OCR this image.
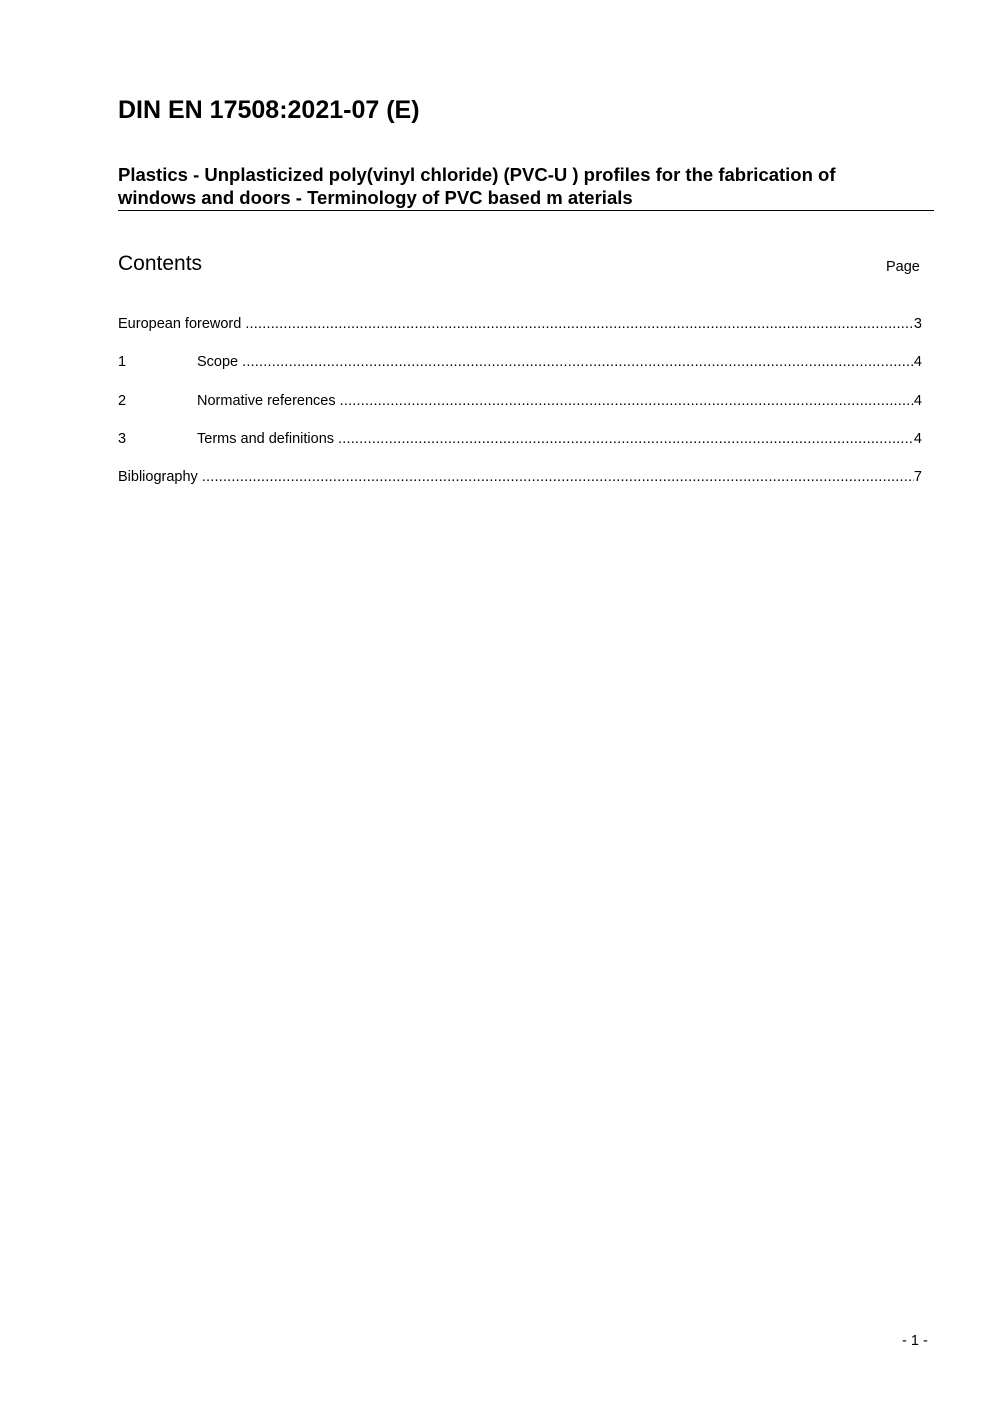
DIN EN 17508:2021-07 (E)
Plastics - Unplasticized poly(vinyl chloride) (PVC-U ) profiles for the fabrication of
windows and doors - Terminology of PVC based m aterials
Contents	Page
European foreword .....	3
1	Scope .....	4
2	Normative references .....	4
3	Terms and definitions .....	4
Bibliography .....	7
- 1 -
